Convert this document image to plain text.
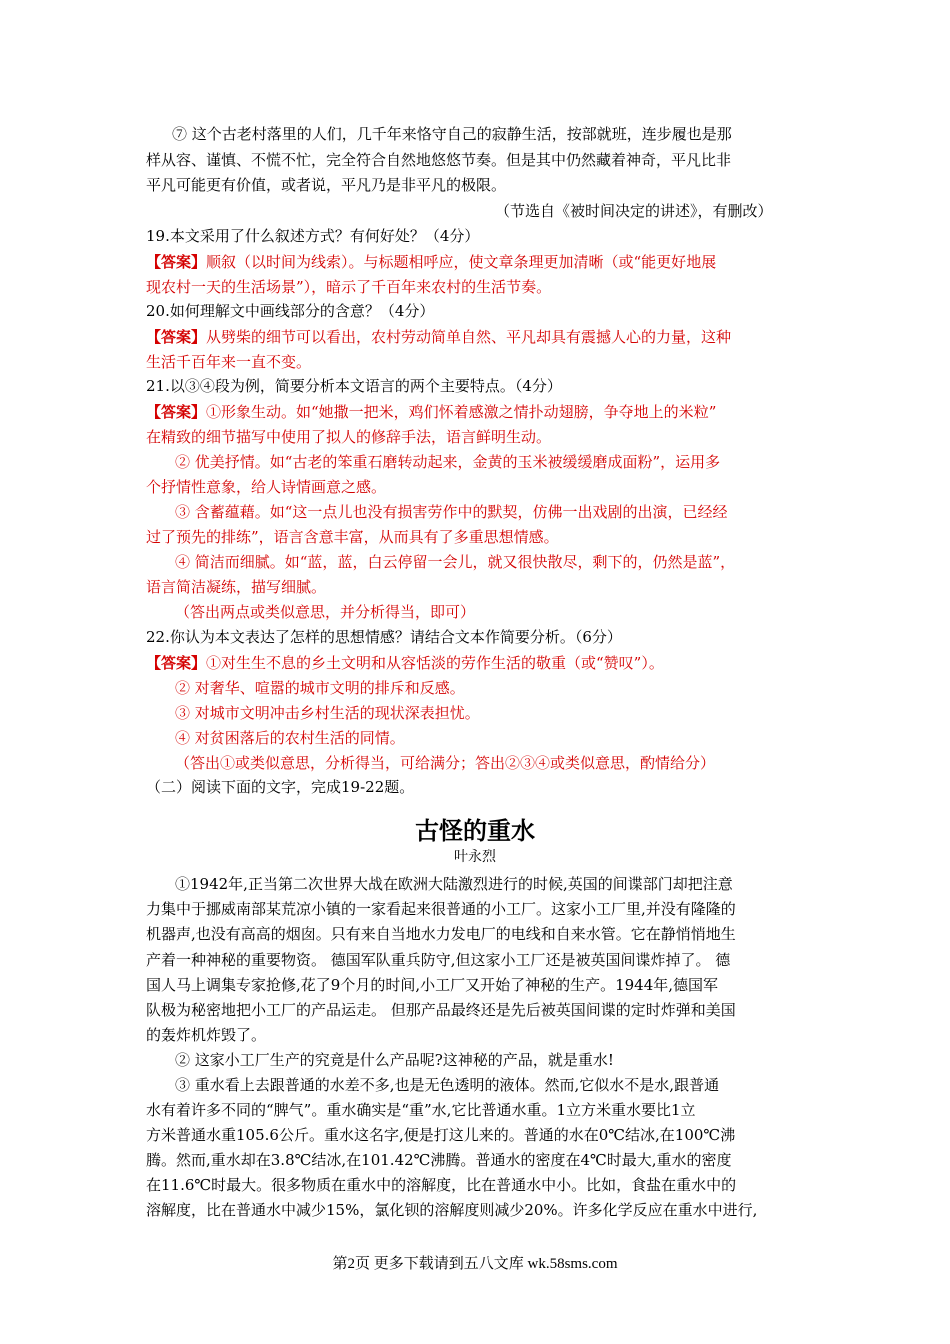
⑦ 这个古老村落里的人们，几千年来恪守自己的寂静生活，按部就班，连步履也是那
样从容、谨慎、不慌不忙，完全符合自然地悠悠节奏。但是其中仍然藏着神奇，平凡比非
平凡可能更有价值，或者说，平凡乃是非平凡的极限。
（节选自《被时间决定的讲述》，有删改）
19.本文采用了什么叙述方式？有何好处？（4分）
【答案】顺叙（以时间为线索）。与标题相呼应，使文章条理更加清晰（或“能更好地展
现农村一天的生活场景”），暗示了千百年来农村的生活节奏。
20.如何理解文中画线部分的含意？（4分）
【答案】从劈柴的细节可以看出，农村劳动简单自然、平凡却具有震撼人心的力量，这种
生活千百年来一直不变。
21.以③④段为例，简要分析本文语言的两个主要特点。（4分）
【答案】①形象生动。如“她撒一把米，鸡们怀着感激之情扑动翅膀，争夺地上的米粒”
在精致的细节描写中使用了拟人的修辞手法，语言鲜明生动。
② 优美抒情。如“古老的笨重石磨转动起来，金黄的玉米被缓缓磨成面粉”，运用多
个抒情性意象，给人诗情画意之感。
③ 含蓄蕴藉。如“这一点儿也没有损害劳作中的默契，仿佛一出戏剧的出演，已经经
过了预先的排练”，语言含意丰富，从而具有了多重思想情感。
④ 简洁而细腻。如“蓝，蓝，白云停留一会儿，就又很快散尽，剩下的，仍然是蓝”，
语言简洁凝练，描写细腻。
（答出两点或类似意思，并分析得当，即可）
22.你认为本文表达了怎样的思想情感？请结合文本作简要分析。（6分）
【答案】①对生生不息的乡土文明和从容恬淡的劳作生活的敬重（或“赞叹”）。
② 对奢华、喧嚣的城市文明的排斥和反感。
③ 对城市文明冲击乡村生活的现状深表担忧。
④ 对贫困落后的农村生活的同情。
（答出①或类似意思，分析得当，可给满分；答出②③④或类似意思，酌情给分）
（二）阅读下面的文字，完成19-22题。
古怪的重水
叶永烈
①1942年,正当第二次世界大战在欧洲大陆激烈进行的时候,英国的间谍部门却把注意
力集中于挪威南部某荒凉小镇的一家看起来很普通的小工厂。这家小工厂里,并没有隆隆的
机器声,也没有高高的烟囱。只有来自当地水力发电厂的电线和自来水管。它在静悄悄地生
产着一种神秘的重要物资。 德国军队重兵防守,但这家小工厂还是被英国间谍炸掉了。 德
国人马上调集专家抢修,花了9个月的时间,小工厂又开始了神秘的生产。1944年,德国军
队极为秘密地把小工厂的产品运走。 但那产品最终还是先后被英国间谍的定时炸弹和美国
的轰炸机炸毁了。
② 这家小工厂生产的究竟是什么产品呢?这神秘的产品，就是重水!
③ 重水看上去跟普通的水差不多,也是无色透明的液体。然而,它似水不是水,跟普通
水有着许多不同的“脾气”。重水确实是“重”水,它比普通水重。1立方米重水要比1立
方米普通水重105.6公斤。重水这名字,便是打这儿来的。普通的水在0℃结冰,在100℃沸
腾。然而,重水却在3.8℃结冰,在101.42℃沸腾。普通水的密度在4℃时最大,重水的密度
在11.6℃时最大。很多物质在重水中的溶解度，比在普通水中小。比如，食盐在重水中的
溶解度，比在普通水中减少15%，氯化钡的溶解度则减少20%。许多化学反应在重水中进行,
第2页 更多下载请到五八文库 wk.58sms.com
